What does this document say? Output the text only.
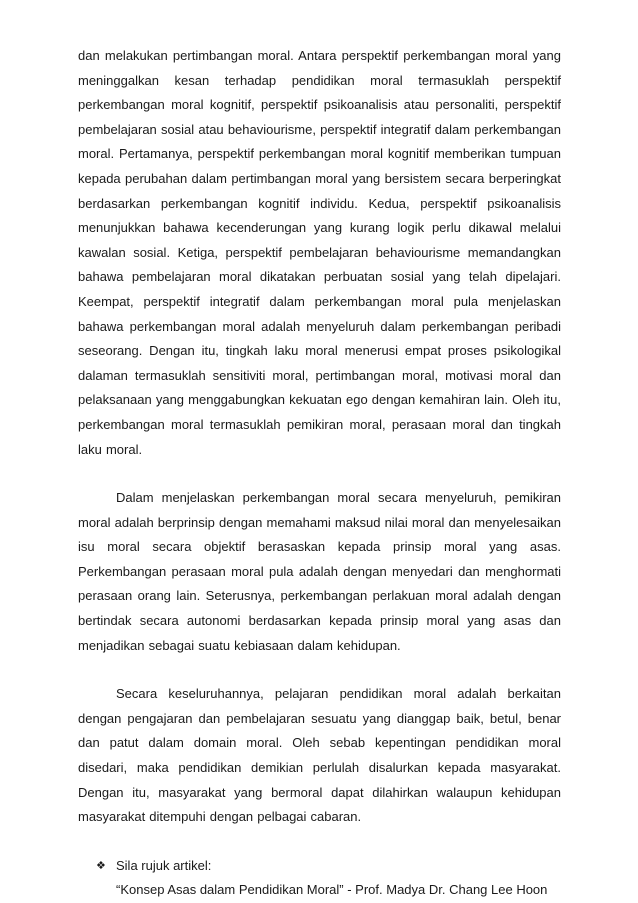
dan melakukan pertimbangan moral. Antara perspektif perkembangan moral yang meninggalkan kesan terhadap pendidikan moral termasuklah perspektif perkembangan moral kognitif, perspektif psikoanalisis atau personaliti, perspektif pembelajaran sosial atau behaviourisme, perspektif integratif dalam perkembangan moral. Pertamanya, perspektif perkembangan moral kognitif memberikan tumpuan kepada perubahan dalam pertimbangan moral yang bersistem secara berperingkat berdasarkan perkembangan kognitif individu. Kedua, perspektif psikoanalisis menunjukkan bahawa kecenderungan yang kurang logik perlu dikawal melalui kawalan sosial. Ketiga, perspektif pembelajaran behaviourisme memandangkan bahawa pembelajaran moral dikatakan perbuatan sosial yang telah dipelajari. Keempat, perspektif integratif dalam perkembangan moral pula menjelaskan bahawa perkembangan moral adalah menyeluruh dalam perkembangan peribadi seseorang. Dengan itu, tingkah laku moral menerusi empat proses psikologikal dalaman termasuklah sensitiviti moral, pertimbangan moral, motivasi moral dan pelaksanaan yang menggabungkan kekuatan ego dengan kemahiran lain. Oleh itu, perkembangan moral termasuklah pemikiran moral, perasaan moral dan tingkah laku moral.

Dalam menjelaskan perkembangan moral secara menyeluruh, pemikiran moral adalah berprinsip dengan memahami maksud nilai moral dan menyelesaikan isu moral secara objektif berasaskan kepada prinsip moral yang asas. Perkembangan perasaan moral pula adalah dengan menyedari dan menghormati perasaan orang lain. Seterusnya, perkembangan perlakuan moral adalah dengan bertindak secara autonomi berdasarkan kepada prinsip moral yang asas dan menjadikan sebagai suatu kebiasaan dalam kehidupan.

Secara keseluruhannya, pelajaran pendidikan moral adalah berkaitan dengan pengajaran dan pembelajaran sesuatu yang dianggap baik, betul, benar dan patut dalam domain moral. Oleh sebab kepentingan pendidikan moral disedari, maka pendidikan demikian perlulah disalurkan kepada masyarakat. Dengan itu, masyarakat yang bermoral dapat dilahirkan walaupun kehidupan masyarakat ditempuhi dengan pelbagai cabaran.

❖ Sila rujuk artikel:
“Konsep Asas dalam Pendidikan Moral” - Prof. Madya Dr. Chang Lee Hoon
